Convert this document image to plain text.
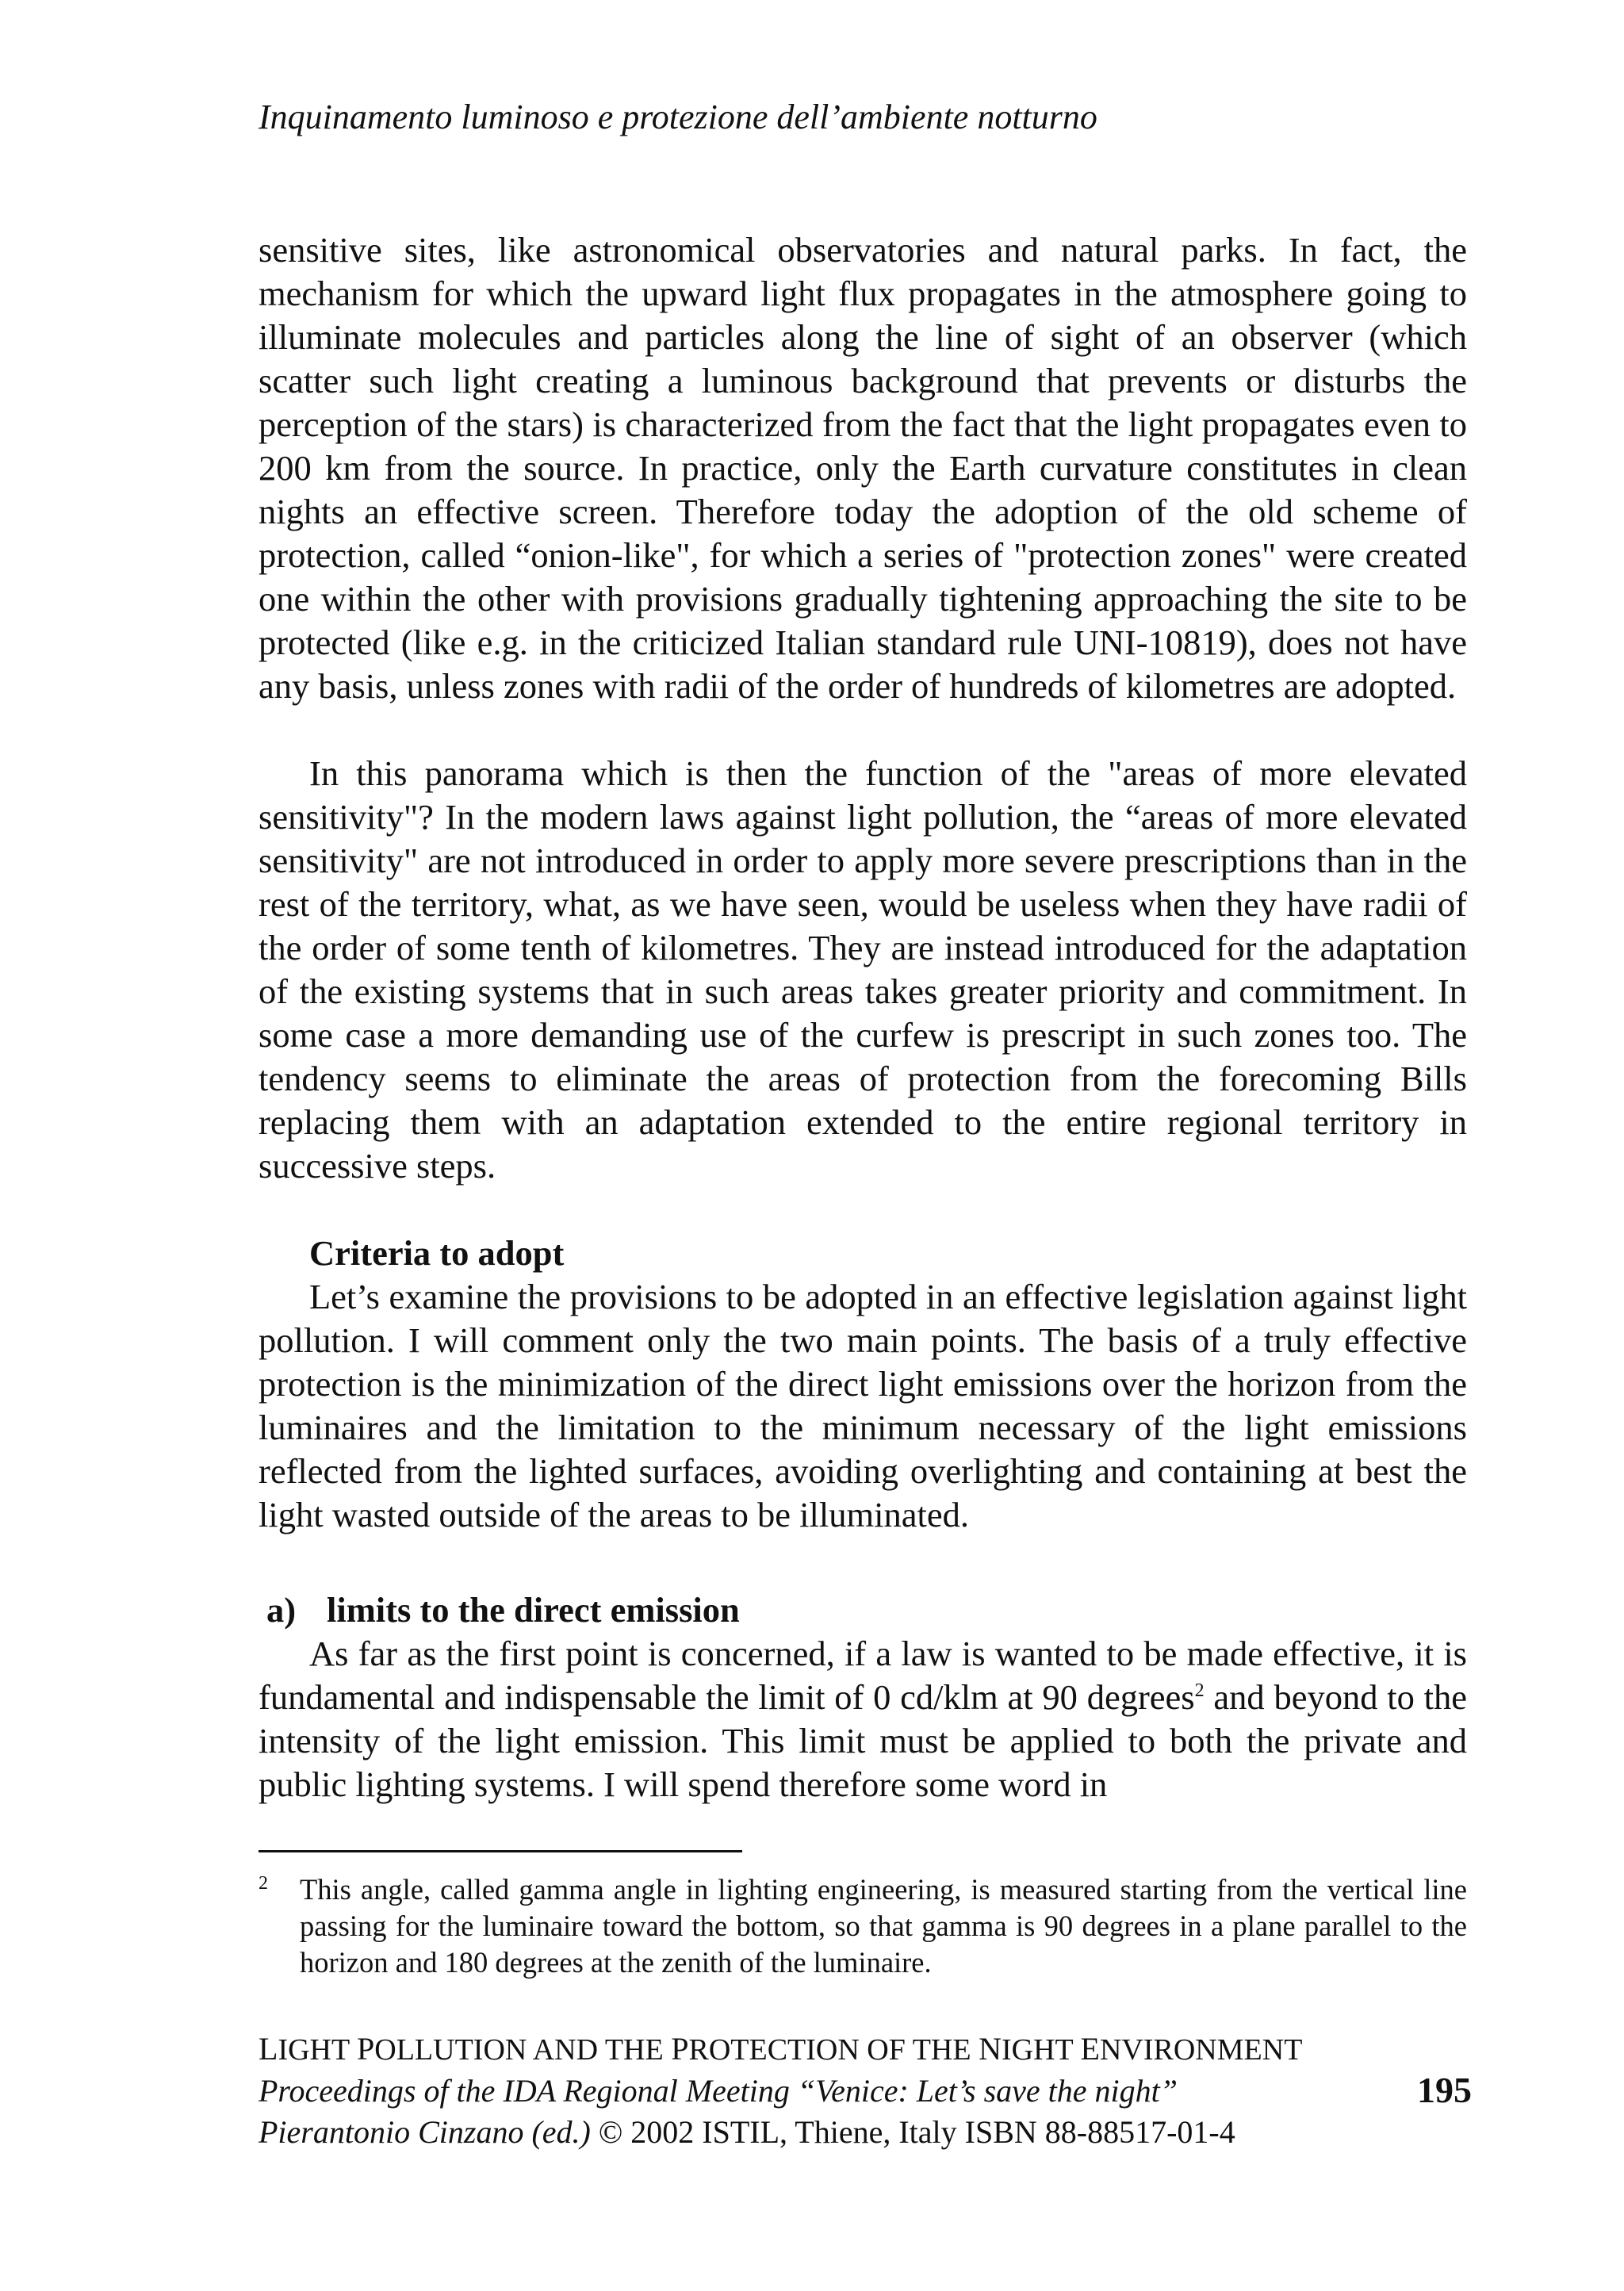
Inquinamento luminoso e protezione dell’ambiente notturno

sensitive sites, like astronomical observatories and natural parks. In fact, the mechanism for which the upward light flux propagates in the atmosphere going to illuminate molecules and particles along the line of sight of an observer (which scatter such light creating a luminous background that prevents or disturbs the perception of the stars) is characterized from the fact that the light propagates even to 200 km from the source. In practice, only the Earth curvature constitutes in clean nights an effective screen. Therefore today the adoption of the old scheme of protection, called “onion-like", for which a series of "protection zones" were created one within the other with provisions gradually tightening approaching the site to be protected (like e.g. in the criticized Italian standard rule UNI-10819), does not have any basis, unless zones with radii of the order of hundreds of kilometres are adopted.

In this panorama which is then the function of the "areas of more elevated sensitivity"? In the modern laws against light pollution, the “areas of more elevated sensitivity" are not introduced in order to apply more severe prescriptions than in the rest of the territory, what, as we have seen, would be useless when they have radii of the order of some tenth of kilometres. They are instead introduced for the adaptation of the existing systems that in such areas takes greater priority and commitment. In some case a more demanding use of the curfew is prescript in such zones too. The tendency seems to eliminate the areas of protection from the forecoming Bills replacing them with an adaptation extended to the entire regional territory in successive steps.

Criteria to adopt

Let’s examine the provisions to be adopted in an effective legislation against light pollution. I will comment only the two main points. The basis of a truly effective protection is the minimization of the direct light emissions over the horizon from the luminaires and the limitation to the minimum necessary of the light emissions reflected from the lighted surfaces, avoiding overlighting and containing at best the light wasted outside of the areas to be illuminated.

a) limits to the direct emission

As far as the first point is concerned, if a law is wanted to be made effective, it is fundamental and indispensable the limit of 0 cd/klm at 90 degrees$^2$ and beyond to the intensity of the light emission. This limit must be applied to both the private and public lighting systems. I will spend therefore some word in

2 This angle, called gamma angle in lighting engineering, is measured starting from the vertical line passing for the luminaire toward the bottom, so that gamma is 90 degrees in a plane parallel to the horizon and 180 degrees at the zenith of the luminaire.
LIGHT POLLUTION AND THE PROTECTION OF THE NIGHT ENVIRONMENT
Proceedings of the IDA Regional Meeting “Venice: Let’s save the night”
Pierantonio Cinzano (ed.) © 2002 ISTIL, Thiene, Italy ISBN 88-88517-01-4
195
